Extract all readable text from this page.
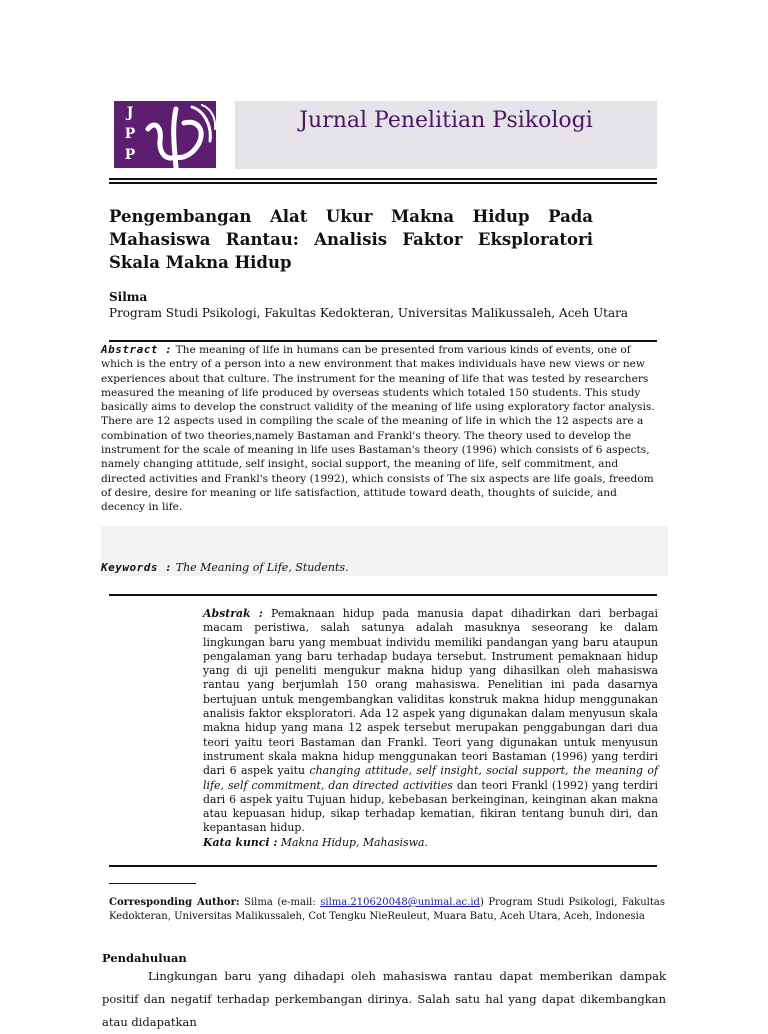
J
P
P
Jurnal Penelitian Psikologi
Pengembangan Alat Ukur Makna Hidup Pada
Mahasiswa Rantau: Analisis Faktor Eksploratori
Skala Makna Hidup
Silma
Program Studi Psikologi, Fakultas Kedokteran, Universitas Malikussaleh, Aceh Utara
Abstract : The meaning of life in humans can be presented from various kinds of events, one of which is the entry of a person into a new environment that makes individuals have new views or new experiences about that culture. The instrument for the meaning of life that was tested by researchers measured the meaning of life produced by overseas students which totaled 150 students. This study basically aims to develop the construct validity of the meaning of life using exploratory factor analysis. There are 12 aspects used in compiling the scale of the meaning of life in which the 12 aspects are a combination of two theories,namely Bastaman and Frankl's theory. The theory used to develop the instrument for the scale of meaning in life uses Bastaman's theory (1996) which consists of 6 aspects, namely changing attitude, self insight, social support, the meaning of life, self commitment, and directed activities and Frankl's theory (1992), which consists of The six aspects are life goals, freedom of desire, desire for meaning or life satisfaction, attitude toward death, thoughts of suicide, and decency in life.
Keywords : The Meaning of Life, Students.
Abstrak : Pemaknaan hidup pada manusia dapat dihadirkan dari berbagai macam peristiwa, salah satunya adalah masuknya seseorang ke dalam lingkungan baru yang membuat individu memiliki pandangan yang baru ataupun pengalaman yang baru terhadap budaya tersebut. Instrument pemaknaan hidup yang di uji peneliti mengukur makna hidup yang dihasilkan oleh mahasiswa rantau yang berjumlah 150 orang mahasiswa. Penelitian ini pada dasarnya bertujuan untuk mengembangkan validitas konstruk makna hidup menggunakan analisis faktor eksploratori. Ada 12 aspek yang digunakan dalam menyusun skala makna hidup yang mana 12 aspek tersebut merupakan penggabungan dari dua teori yaitu teori Bastaman dan Frankl. Teori yang digunakan untuk menyusun instrument skala makna hidup menggunakan teori Bastaman (1996) yang terdiri dari 6 aspek yaitu changing attitude, self insight, social support, the meaning of life, self commitment, dan directed activities dan teori Frankl (1992) yang terdiri dari 6 aspek yaitu Tujuan hidup, kebebasan berkeinginan, keinginan akan makna atau kepuasan hidup, sikap terhadap kematian, fikiran tentang bunuh diri, dan kepantasan hidup.
Kata kunci : Makna Hidup, Mahasiswa.
Corresponding Author: Silma (e-mail: silma.210620048@unimal.ac.id) Program Studi Psikologi, Fakultas Kedokteran, Universitas Malikussaleh, Cot Tengku NieReuleut, Muara Batu, Aceh Utara, Aceh, Indonesia
Pendahuluan
Lingkungan baru yang dihadapi oleh mahasiswa rantau dapat memberikan dampak positif dan negatif terhadap perkembangan dirinya. Salah satu hal yang dapat dikembangkan atau didapatkan
